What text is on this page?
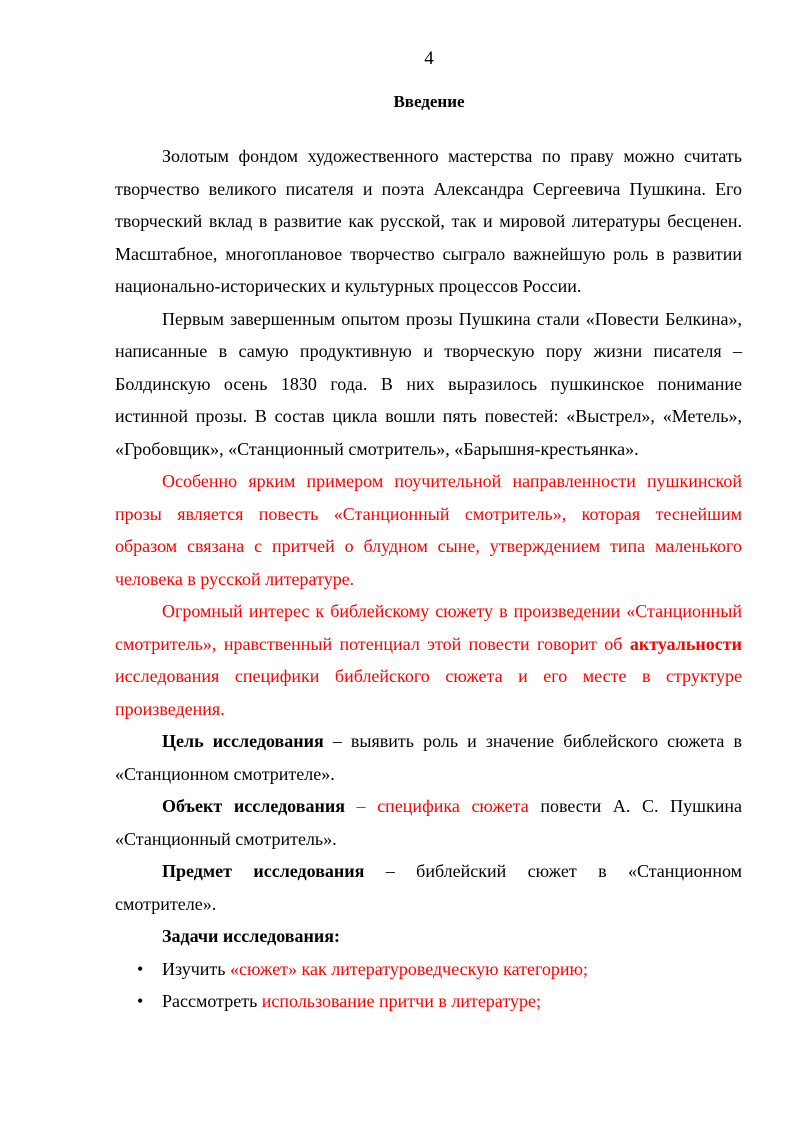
4
Введение

Золотым фондом художественного мастерства по праву можно считать творчество великого писателя и поэта Александра Сергеевича Пушкина. Его творческий вклад в развитие как русской, так и мировой литературы бесценен. Масштабное, многоплановое творчество сыграло важнейшую роль в развитии национально-исторических и культурных процессов России.

Первым завершенным опытом прозы Пушкина стали «Повести Белкина», написанные в самую продуктивную и творческую пору жизни писателя – Болдинскую осень 1830 года. В них выразилось пушкинское понимание истинной прозы. В состав цикла вошли пять повестей: «Выстрел», «Метель», «Гробовщик», «Станционный смотритель», «Барышня-крестьянка».

Особенно ярким примером поучительной направленности пушкинской прозы является повесть «Станционный смотритель», которая теснейшим образом связана с притчей о блудном сыне, утверждением типа маленького человека в русской литературе.

Огромный интерес к библейскому сюжету в произведении «Станционный смотритель», нравственный потенциал этой повести говорит об актуальности исследования специфики библейского сюжета и его месте в структуре произведения.

Цель исследования – выявить роль и значение библейского сюжета в «Станционном смотрителе».

Объект исследования – специфика сюжета повести А. С. Пушкина «Станционный смотритель».

Предмет исследования – библейский сюжет в «Станционном смотрителе».

Задачи исследования:

• Изучить «сюжет» как литературоведческую категорию;
• Рассмотреть использование притчи в литературе;
